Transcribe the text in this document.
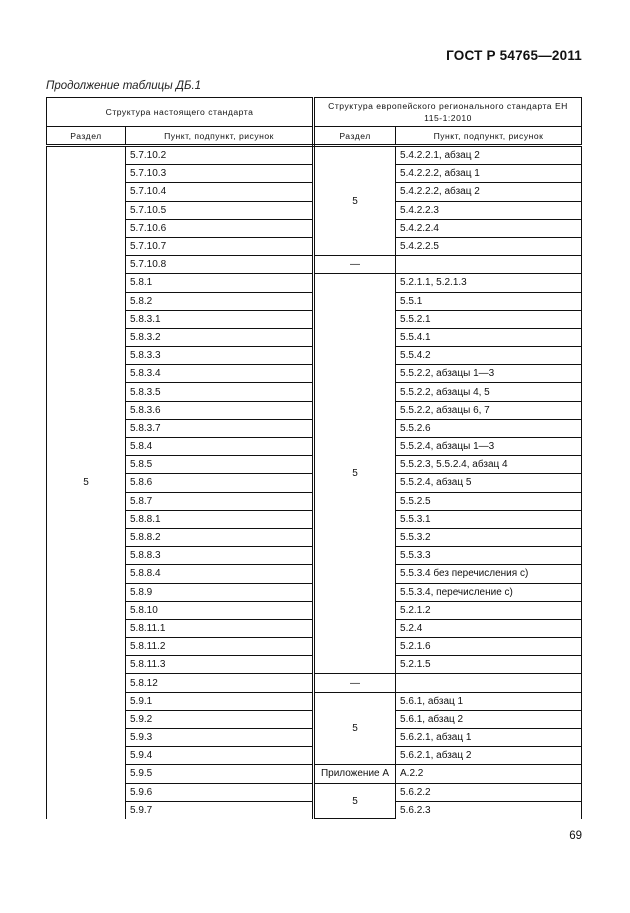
ГОСТ Р 54765—2011
Продолжение таблицы ДБ.1
Структура настоящего стандарта		Структура европейского регионального стандарта ЕН 115-1:2010	
Раздел	Пункт, подпункт, рисунок	Раздел	Пункт, подпункт, рисунок
5	5.7.10.2	5	5.4.2.2.1, абзац 2
	5.7.10.3		5.4.2.2.2, абзац 1
	5.7.10.4		5.4.2.2.2, абзац 2
	5.7.10.5		5.4.2.2.3
	5.7.10.6		5.4.2.2.4
	5.7.10.7		5.4.2.2.5
	5.7.10.8	—	
	5.8.1	5	5.2.1.1, 5.2.1.3
	5.8.2		5.5.1
	5.8.3.1		5.5.2.1
	5.8.3.2		5.5.4.1
	5.8.3.3		5.5.4.2
	5.8.3.4		5.5.2.2, абзацы 1—3
	5.8.3.5		5.5.2.2, абзацы 4, 5
	5.8.3.6		5.5.2.2, абзацы 6, 7
	5.8.3.7		5.5.2.6
	5.8.4		5.5.2.4, абзацы 1—3
	5.8.5		5.5.2.3, 5.5.2.4, абзац 4
	5.8.6		5.5.2.4, абзац 5
	5.8.7		5.5.2.5
	5.8.8.1		5.5.3.1
	5.8.8.2		5.5.3.2
	5.8.8.3		5.5.3.3
	5.8.8.4		5.5.3.4 без перечисления с)
	5.8.9		5.5.3.4, перечисление с)
	5.8.10		5.2.1.2
	5.8.11.1		5.2.4
	5.8.11.2		5.2.1.6
	5.8.11.3		5.2.1.5
	5.8.12	—	
	5.9.1	5	5.6.1, абзац 1
	5.9.2		5.6.1, абзац 2
	5.9.3		5.6.2.1, абзац 1
	5.9.4		5.6.2.1, абзац 2
	5.9.5	Приложение А	А.2.2
	5.9.6	5	5.6.2.2
	5.9.7		5.6.2.3
69
